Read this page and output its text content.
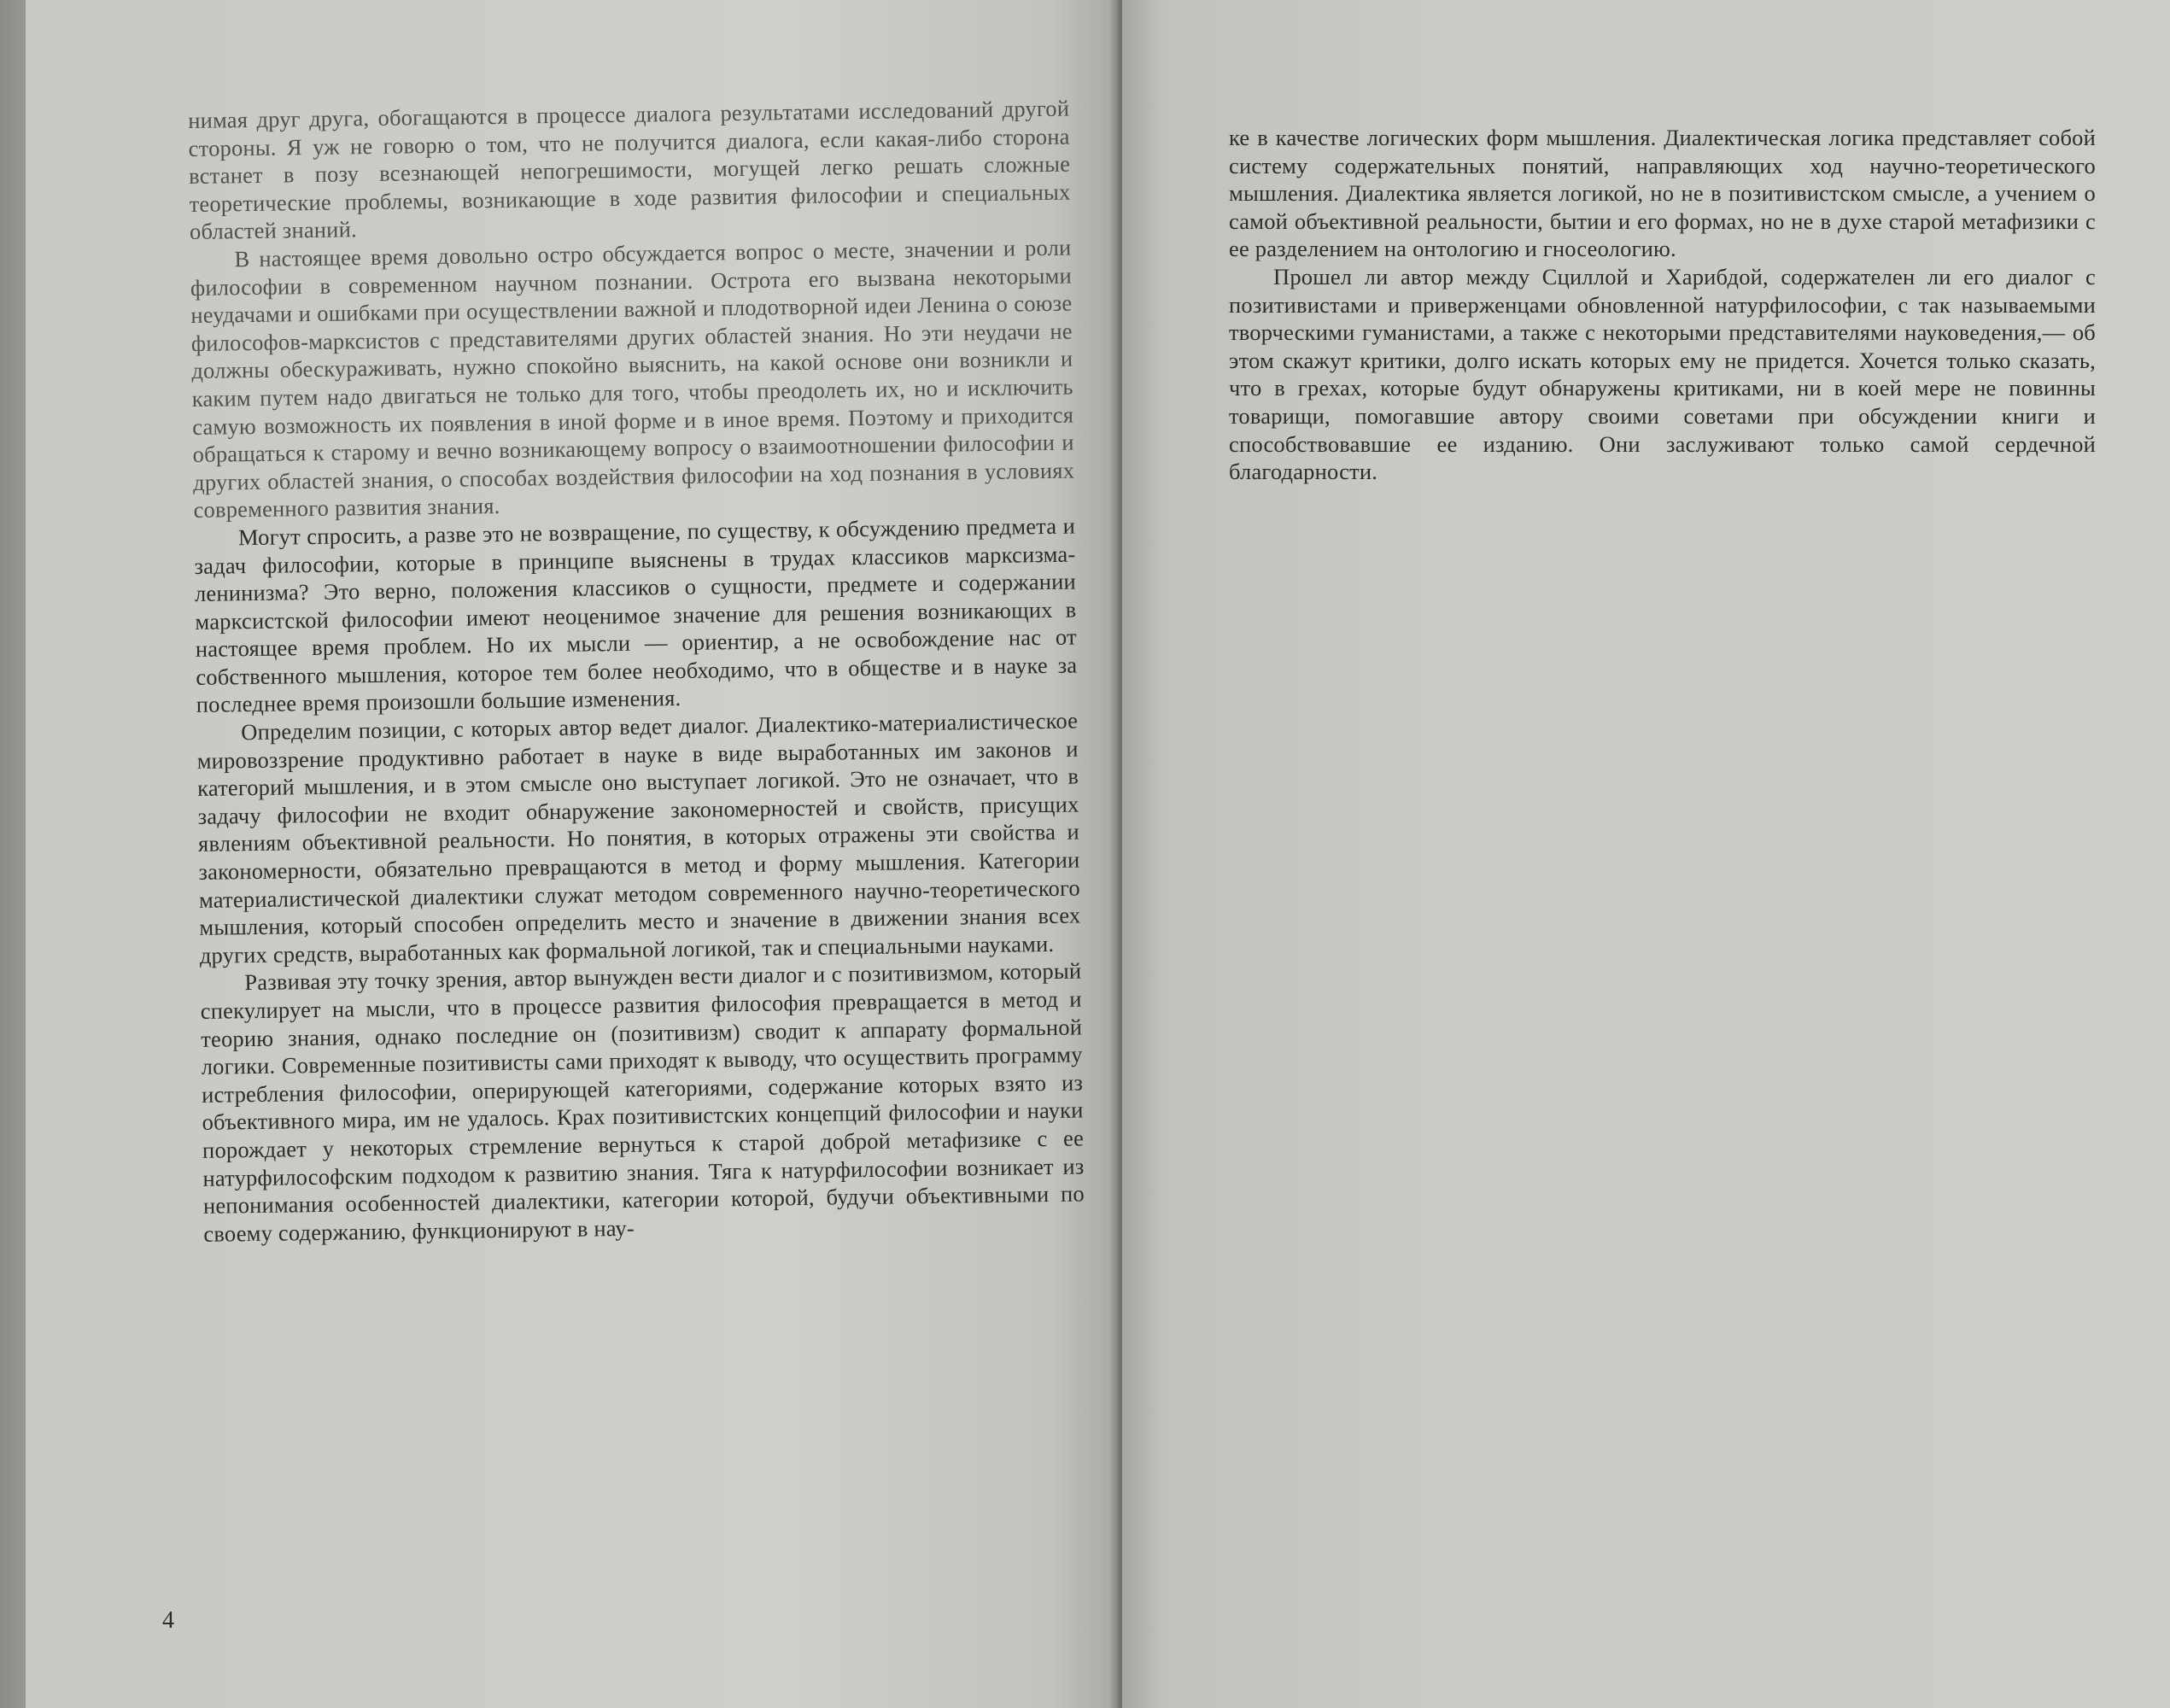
нимая друг друга, обогащаются в процессе диалога результатами исследований другой стороны. Я уж не говорю о том, что не получится диалога, если какая-либо сторона встанет в позу всезнающей непогрешимости, могущей легко решать сложные теоретические проблемы, возникающие в ходе развития философии и специальных областей знаний.

В настоящее время довольно остро обсуждается вопрос о месте, значении и роли философии в современном научном познании. Острота его вызвана некоторыми неудачами и ошибками при осуществлении важной и плодотворной идеи Ленина о союзе философов-марксистов с представителями других областей знания. Но эти неудачи не должны обескураживать, нужно спокойно выяснить, на какой основе они возникли и каким путем надо двигаться не только для того, чтобы преодолеть их, но и исключить самую возможность их появления в иной форме и в иное время. Поэтому и приходится обращаться к старому и вечно возникающему вопросу о взаимоотношении философии и других областей знания, о способах воздействия философии на ход познания в условиях современного развития знания.

Могут спросить, а разве это не возвращение, по существу, к обсуждению предмета и задач философии, которые в принципе выяснены в трудах классиков марксизма-ленинизма? Это верно, положения классиков о сущности, предмете и содержании марксистской философии имеют неоценимое значение для решения возникающих в настоящее время проблем. Но их мысли — ориентир, а не освобождение нас от собственного мышления, которое тем более необходимо, что в обществе и в науке за последнее время произошли большие изменения.

Определим позиции, с которых автор ведет диалог. Диалектико-материалистическое мировоззрение продуктивно работает в науке в виде выработанных им законов и категорий мышления, и в этом смысле оно выступает логикой. Это не означает, что в задачу философии не входит обнаружение закономерностей и свойств, присущих явлениям объективной реальности. Но понятия, в которых отражены эти свойства и закономерности, обязательно превращаются в метод и форму мышления. Категории материалистической диалектики служат методом современного научно-теоретического мышления, который способен определить место и значение в движении знания всех других средств, выработанных как формальной логикой, так и специальными науками.

Развивая эту точку зрения, автор вынужден вести диалог и с позитивизмом, который спекулирует на мысли, что в процессе развития философия превращается в метод и теорию знания, однако последние он (позитивизм) сводит к аппарату формальной логики. Современные позитивисты сами приходят к выводу, что осуществить программу истребления философии, оперирующей категориями, содержание которых взято из объективного мира, им не удалось. Крах позитивистских концепций философии и науки порождает у некоторых стремление вернуться к старой доброй метафизике с ее натурфилософским подходом к развитию знания. Тяга к натурфилософии возникает из непонимания особенностей диалектики, категории которой, будучи объективными по своему содержанию, функционируют в нау-

4

ке в качестве логических форм мышления. Диалектическая логика представляет собой систему содержательных понятий, направляющих ход научно-теоретического мышления. Диалектика является логикой, но не в позитивистском смысле, а учением о самой объективной реальности, бытии и его формах, но не в духе старой метафизики с ее разделением на онтологию и гносеологию.

Прошел ли автор между Сциллой и Харибдой, содержателен ли его диалог с позитивистами и приверженцами обновленной натурфилософии, с так называемыми творческими гуманистами, а также с некоторыми представителями науковедения,— об этом скажут критики, долго искать которых ему не придется. Хочется только сказать, что в грехах, которые будут обнаружены критиками, ни в коей мере не повинны товарищи, помогавшие автору своими советами при обсуждении книги и способствовавшие ее изданию. Они заслуживают только самой сердечной благодарности.
